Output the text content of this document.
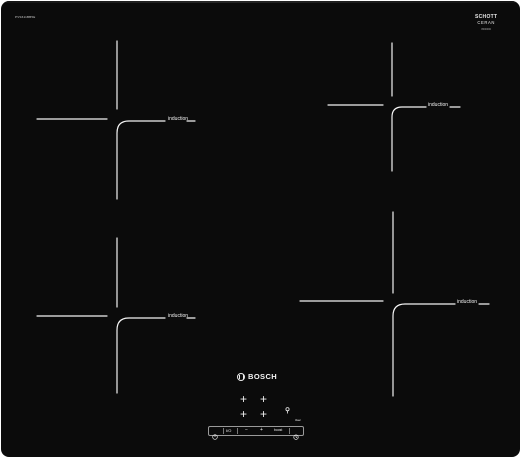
PVS611BB5E	SCHOTT
CERAN
8000000
induction
induction
induction
induction
BOSCH
+ +
+ +	3sec
I/O	− +	boost
